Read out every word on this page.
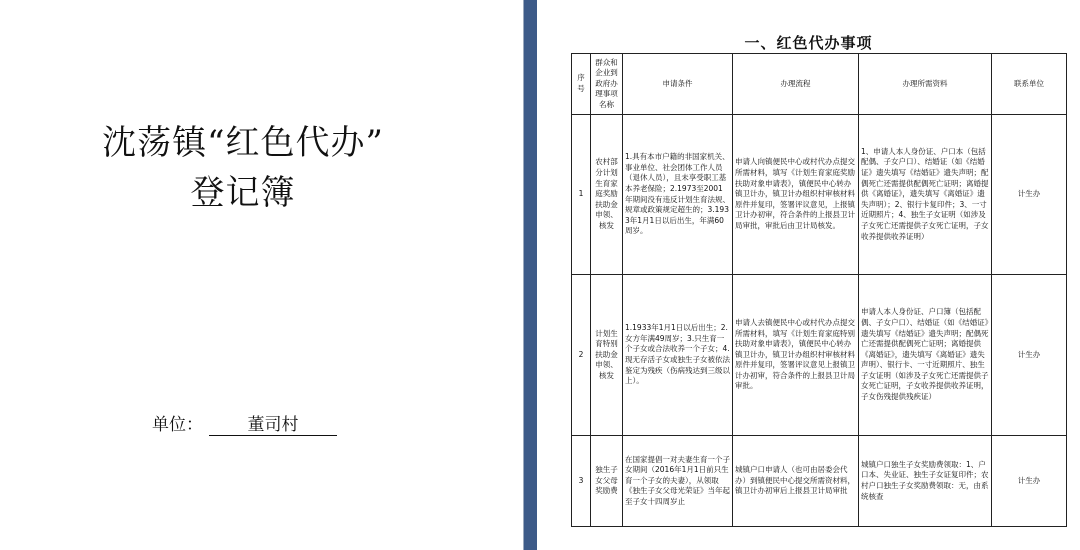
沈荡镇“红色代办”
登记簿
单位：	董司村
一、红色代办事项
序号	群众和企业到政府办理事项名称	申请条件	办理流程	办理所需资料	联系单位
1	农村部分计划生育家庭奖励扶助金申领、核发	1.具有本市户籍的非国家机关、事业单位、社会团体工作人员（退休人员），且未享受职工基本养老保险；2.1973至2001年期间没有违反计划生育法规、规章或政策规定超生的；3.1933年1月1日以后出生，年满60周岁。	申请人向镇便民中心或村代办点提交所需材料，填写《计划生育家庭奖励扶助对象申请表》，镇便民中心转办镇卫计办，镇卫计办组织村审核材料原件并复印，签署评议意见，上报镇卫计办初审，符合条件的上报县卫计局审批，审批后由卫计局核发。	1、申请人本人身份证、户口本（包括配偶、子女户口）、结婚证（如《结婚证》遗失填写《结婚证》遗失声明；配偶死亡还需提供配偶死亡证明；离婚提供《离婚证》，遗失填写《离婚证》遗失声明）；2、银行卡复印件；3、一寸近期照片；4、独生子女证明（如涉及子女死亡还需提供子女死亡证明，子女收养提供收养证明）	计生办
2	计划生育特别扶助金申领、核发	1.1933年1月1日以后出生；2.女方年满49周岁；3.只生育一个子女或合法收养一个子女；4.现无存活子女或独生子女被依法鉴定为残疾（伤病残达到三级以上）。	申请人去镇便民中心或村代办点提交所需材料，填写《计划生育家庭特别扶助对象申请表》，镇便民中心转办镇卫计办，镇卫计办组织村审核材料原件并复印，签署评议意见上报镇卫计办初审，符合条件的上报县卫计局审批。	申请人本人身份证、户口簿（包括配偶、子女户口）、结婚证（如《结婚证》遗失填写《结婚证》遗失声明；配偶死亡还需提供配偶死亡证明；离婚提供《离婚证》，遗失填写《离婚证》遗失声明）、银行卡、一寸近期照片、独生子女证明（如涉及子女死亡还需提供子女死亡证明，子女收养提供收养证明，子女伤残提供残疾证）	计生办
3	独生子女父母奖励费	在国家提倡一对夫妻生育一个子女期间（2016年1月1日前只生育一个子女的夫妻），从领取《独生子女父母光荣证》当年起至子女十四周岁止	城镇户口申请人（也可由居委会代办）到镇便民中心提交所需资材料，镇卫计办初审后上报县卫计局审批	城镇户口独生子女奖励费领取：1、户口本、失业证、独生子女证复印件；农村户口独生子女奖励费领取：无，由系统核查	计生办
